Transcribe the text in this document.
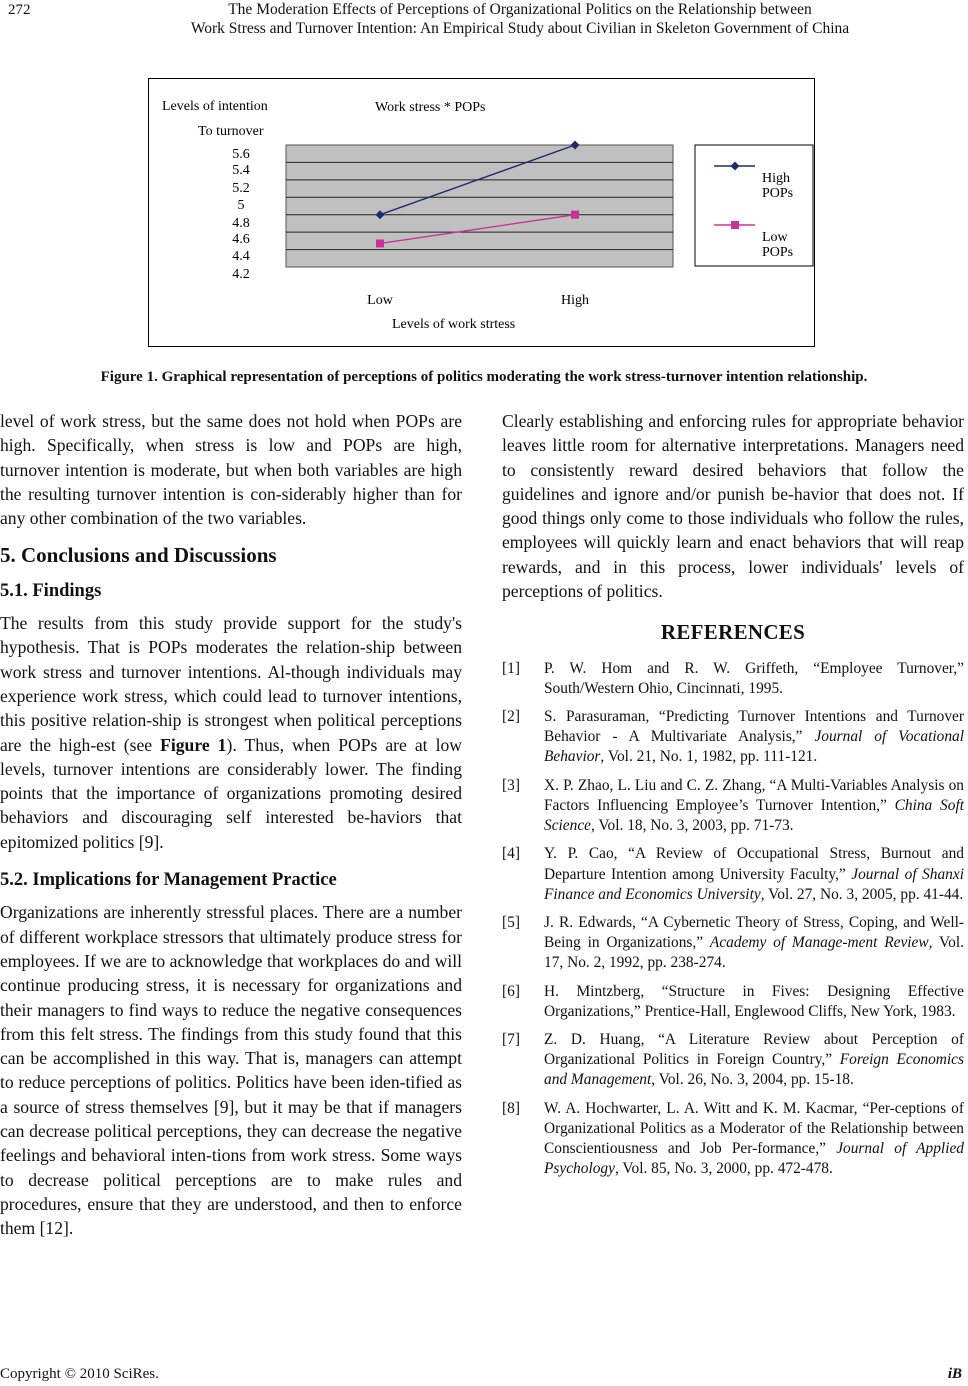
272	The Moderation Effects of Perceptions of Organizational Politics on the Relationship between
Work Stress and Turnover Intention: An Empirical Study about Civilian in Skeleton Government of China
Levels of intention
To turnover
Work stress * POPs
Levels of work strtess
5.6
5.4
5.2
5
4.8
4.6
4.4
4.2
Low	High
High
POPs
Low
POPs
Figure 1. Graphical representation of perceptions of politics moderating the work stress-turnover intention relationship.

level of work stress, but the same does not hold when POPs are high. Specifically, when stress is low and POPs are high, turnover intention is moderate, but when both variables are high the resulting turnover intention is con-siderably higher than for any other combination of the two variables.

5. Conclusions and Discussions
5.1. Findings

The results from this study provide support for the study's hypothesis. That is POPs moderates the relation-ship between work stress and turnover intentions. Al-though individuals may experience work stress, which could lead to turnover intentions, this positive relation-ship is strongest when political perceptions are the high-est (see Figure 1). Thus, when POPs are at low levels, turnover intentions are considerably lower. The finding points that the importance of organizations promoting desired behaviors and discouraging self interested be-haviors that epitomized politics [9].

5.2. Implications for Management Practice

Organizations are inherently stressful places. There are a number of different workplace stressors that ultimately produce stress for employees. If we are to acknowledge that workplaces do and will continue producing stress, it is necessary for organizations and their managers to find ways to reduce the negative consequences from this felt stress. The findings from this study found that this can be accomplished in this way. That is, managers can attempt to reduce perceptions of politics. Politics have been iden-tified as a source of stress themselves [9], but it may be that if managers can decrease political perceptions, they can decrease the negative feelings and behavioral inten-tions from work stress. Some ways to decrease political perceptions are to make rules and procedures, ensure that they are understood, and then to enforce them [12].

Clearly establishing and enforcing rules for appropriate behavior leaves little room for alternative interpretations. Managers need to consistently reward desired behaviors that follow the guidelines and ignore and/or punish be-havior that does not. If good things only come to those individuals who follow the rules, employees will quickly learn and enact behaviors that will reap rewards, and in this process, lower individuals' levels of perceptions of politics.

REFERENCES
[1]	P. W. Hom and R. W. Griffeth, “Employee Turnover,” South/Western Ohio, Cincinnati, 1995.
[2]	S. Parasuraman, “Predicting Turnover Intentions and Turnover Behavior - A Multivariate Analysis,” Journal of Vocational Behavior, Vol. 21, No. 1, 1982, pp. 111-121.
[3]	X. P. Zhao, L. Liu and C. Z. Zhang, “A Multi-Variables Analysis on Factors Influencing Employee’s Turnover Intention,” China Soft Science, Vol. 18, No. 3, 2003, pp. 71-73.
[4]	Y. P. Cao, “A Review of Occupational Stress, Burnout and Departure Intention among University Faculty,” Journal of Shanxi Finance and Economics University, Vol. 27, No. 3, 2005, pp. 41-44.
[5]	J. R. Edwards, “A Cybernetic Theory of Stress, Coping, and Well-Being in Organizations,” Academy of Manage-ment Review, Vol. 17, No. 2, 1992, pp. 238-274.
[6]	H. Mintzberg, “Structure in Fives: Designing Effective Organizations,” Prentice-Hall, Englewood Cliffs, New York, 1983.
[7]	Z. D. Huang, “A Literature Review about Perception of Organizational Politics in Foreign Country,” Foreign Economics and Management, Vol. 26, No. 3, 2004, pp. 15-18.
[8]	W. A. Hochwarter, L. A. Witt and K. M. Kacmar, “Per-ceptions of Organizational Politics as a Moderator of the Relationship between Conscientiousness and Job Per-formance,” Journal of Applied Psychology, Vol. 85, No. 3, 2000, pp. 472-478.
Copyright © 2010 SciRes.	iB
